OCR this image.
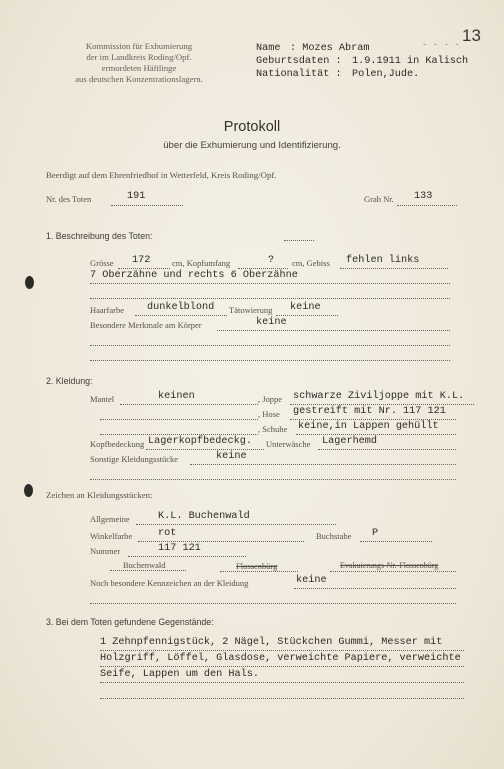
13
- - - -
Kommission für Exhumierung
der im Landkreis Roding/Opf.
ermordeten Häftlinge
aus deutschen Konzentrationslagern.
Name : Mozes Abram
Geburtsdaten : 1.9.1911 in Kalisch
Nationalität : Polen,Jude.
Protokoll
über die Exhumierung und Identifizierung.
Beerdigt auf dem Ehrenfriedhof in Wetterfeld, Kreis Roding/Opf.
Nr. des Toten	191	Grab Nr. 133
1. Beschreibung des Toten:
Grösse 172	cm, Kopfumfang	? cm, Gebiss fehlen links
7 Oberzähne und rechts 6 Oberzähne
Haarfarbe dunkelblond Tätowierung keine
Besondere Merkmale am Körper	keine
2. Kleidung:
Mantel	keinen	, Joppe schwarze Ziviljoppe mit K.L.
, Hose gestreift mit Nr. 117 121
, Schuhe keine,in Lappen gehüllt
Kopfbedeckung Lagerkopfbedeckg. Unterwäsche Lagerhemd
Sonstige Kleidungsstücke	keine
Zeichen an Kleidungsstücken:
Allgemeine	K.L. Buchenwald
Winkelfarbe	rot	Buchstabe P
Nummer	117 121
Buchenwald	Flossenbürg	Evakuierungs-Nr.-Flossenbürg
Noch besondere Kennzeichen an der Kleidung	keine
3. Bei dem Toten gefundene Gegenstände:
1 Zehnpfennigstück, 2 Nägel, Stückchen Gummi, Messer mit
Holzgriff, Löffel, Glasdose, verweichte Papiere, verweichte
Seife, Lappen um den Hals.
